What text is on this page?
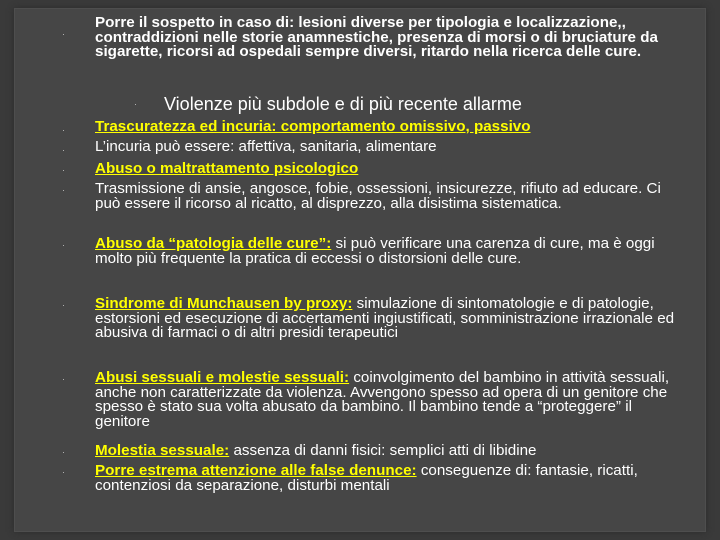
·
Porre il sospetto in caso di: lesioni diverse per tipologia e localizzazione,, contraddizioni nelle storie anamnestiche, presenza di morsi o di bruciature da sigarette, ricorsi ad ospedali sempre diversi, ritardo nella ricerca delle cure.
· Violenze più subdole e di più recente allarme
· Trascuratezza ed incuria: comportamento omissivo, passivo
· L’incuria può essere: affettiva, sanitaria, alimentare
· Abuso o maltrattamento psicologico
· Trasmissione di ansie, angosce, fobie, ossessioni, insicurezze, rifiuto ad educare. Ci può essere il ricorso al ricatto, al disprezzo, alla disistima sistematica.
· Abuso da “patologia delle cure”: si può verificare una carenza di cure, ma è oggi molto più frequente la pratica di eccessi o distorsioni delle cure.
· Sindrome di Munchausen by proxy: simulazione di sintomatologie e di patologie, estorsioni ed esecuzione di accertamenti ingiustificati, somministrazione irrazionale ed abusiva di farmaci o di altri presidi terapeutici
· Abusi sessuali e molestie sessuali: coinvolgimento del bambino in attività sessuali, anche non caratterizzate da violenza. Avvengono spesso ad opera di un genitore che spesso è stato sua volta abusato da bambino. Il bambino tende a “proteggere” il genitore
· Molestia sessuale: assenza di danni fisici: semplici atti di libidine
· Porre estrema attenzione alle false denunce: conseguenze di: fantasie, ricatti, contenziosi da separazione, disturbi mentali
